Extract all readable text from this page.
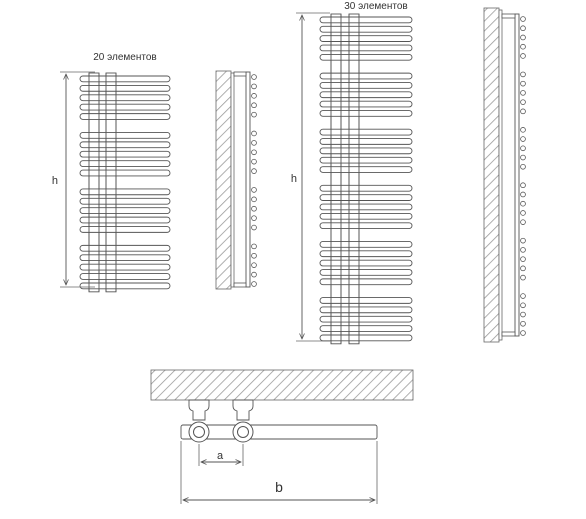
h
20 элементов
h
30 элементов
a
b
